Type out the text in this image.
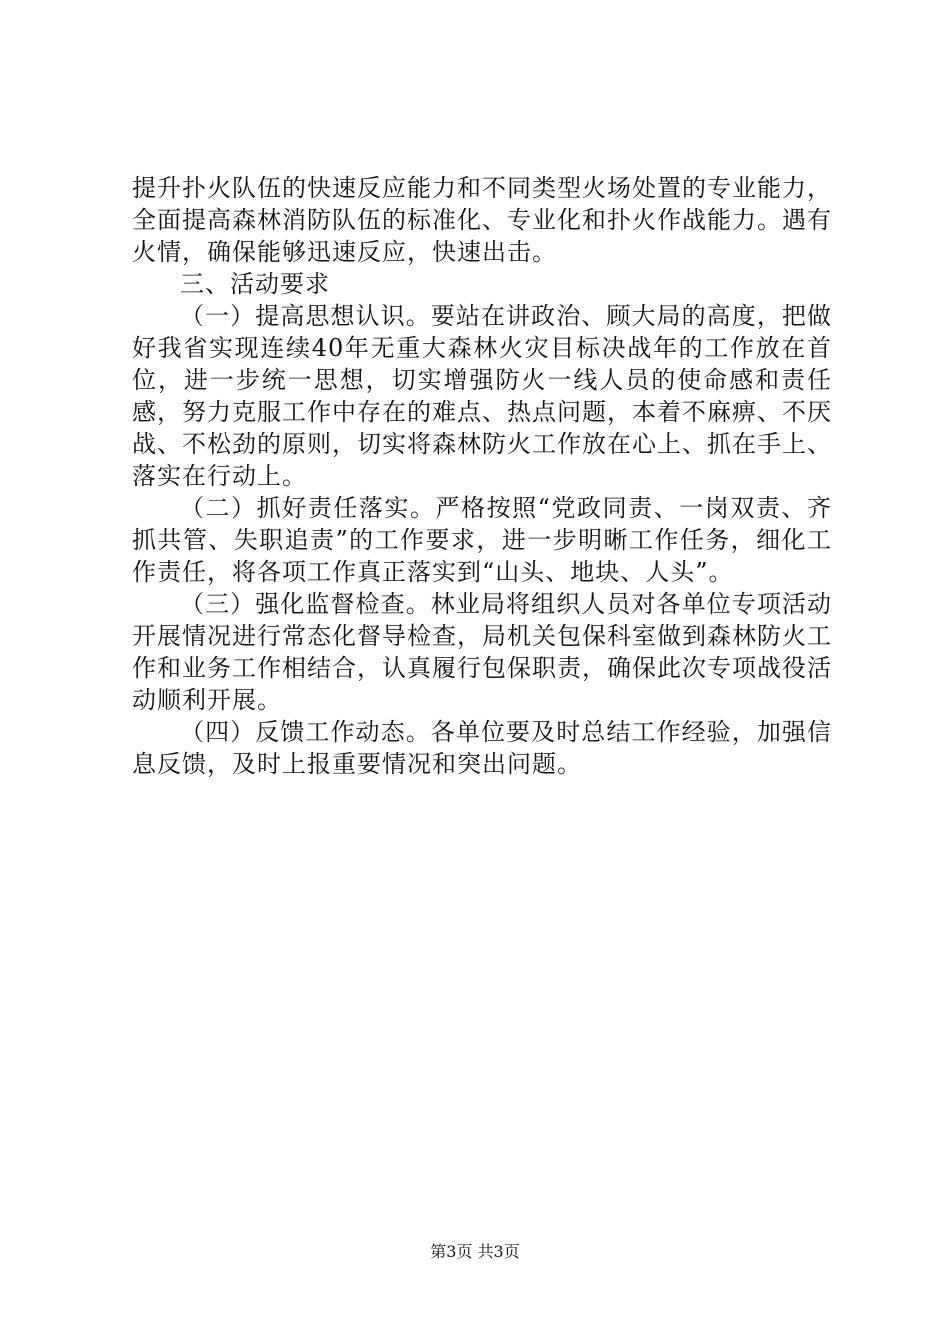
提升扑火队伍的快速反应能力和不同类型火场处置的专业能力，全面提高森林消防队伍的标准化、专业化和扑火作战能力。遇有火情，确保能够迅速反应，快速出击。

三、活动要求

（一）提高思想认识。要站在讲政治、顾大局的高度，把做好我省实现连续40年无重大森林火灾目标决战年的工作放在首位，进一步统一思想，切实增强防火一线人员的使命感和责任感，努力克服工作中存在的难点、热点问题，本着不麻痹、不厌战、不松劲的原则，切实将森林防火工作放在心上、抓在手上、落实在行动上。

（二）抓好责任落实。严格按照“党政同责、一岗双责、齐抓共管、失职追责”的工作要求，进一步明晰工作任务，细化工作责任，将各项工作真正落实到“山头、地块、人头”。

（三）强化监督检查。林业局将组织人员对各单位专项活动开展情况进行常态化督导检查，局机关包保科室做到森林防火工作和业务工作相结合，认真履行包保职责，确保此次专项战役活动顺利开展。

（四）反馈工作动态。各单位要及时总结工作经验，加强信息反馈，及时上报重要情况和突出问题。

第3页 共3页
